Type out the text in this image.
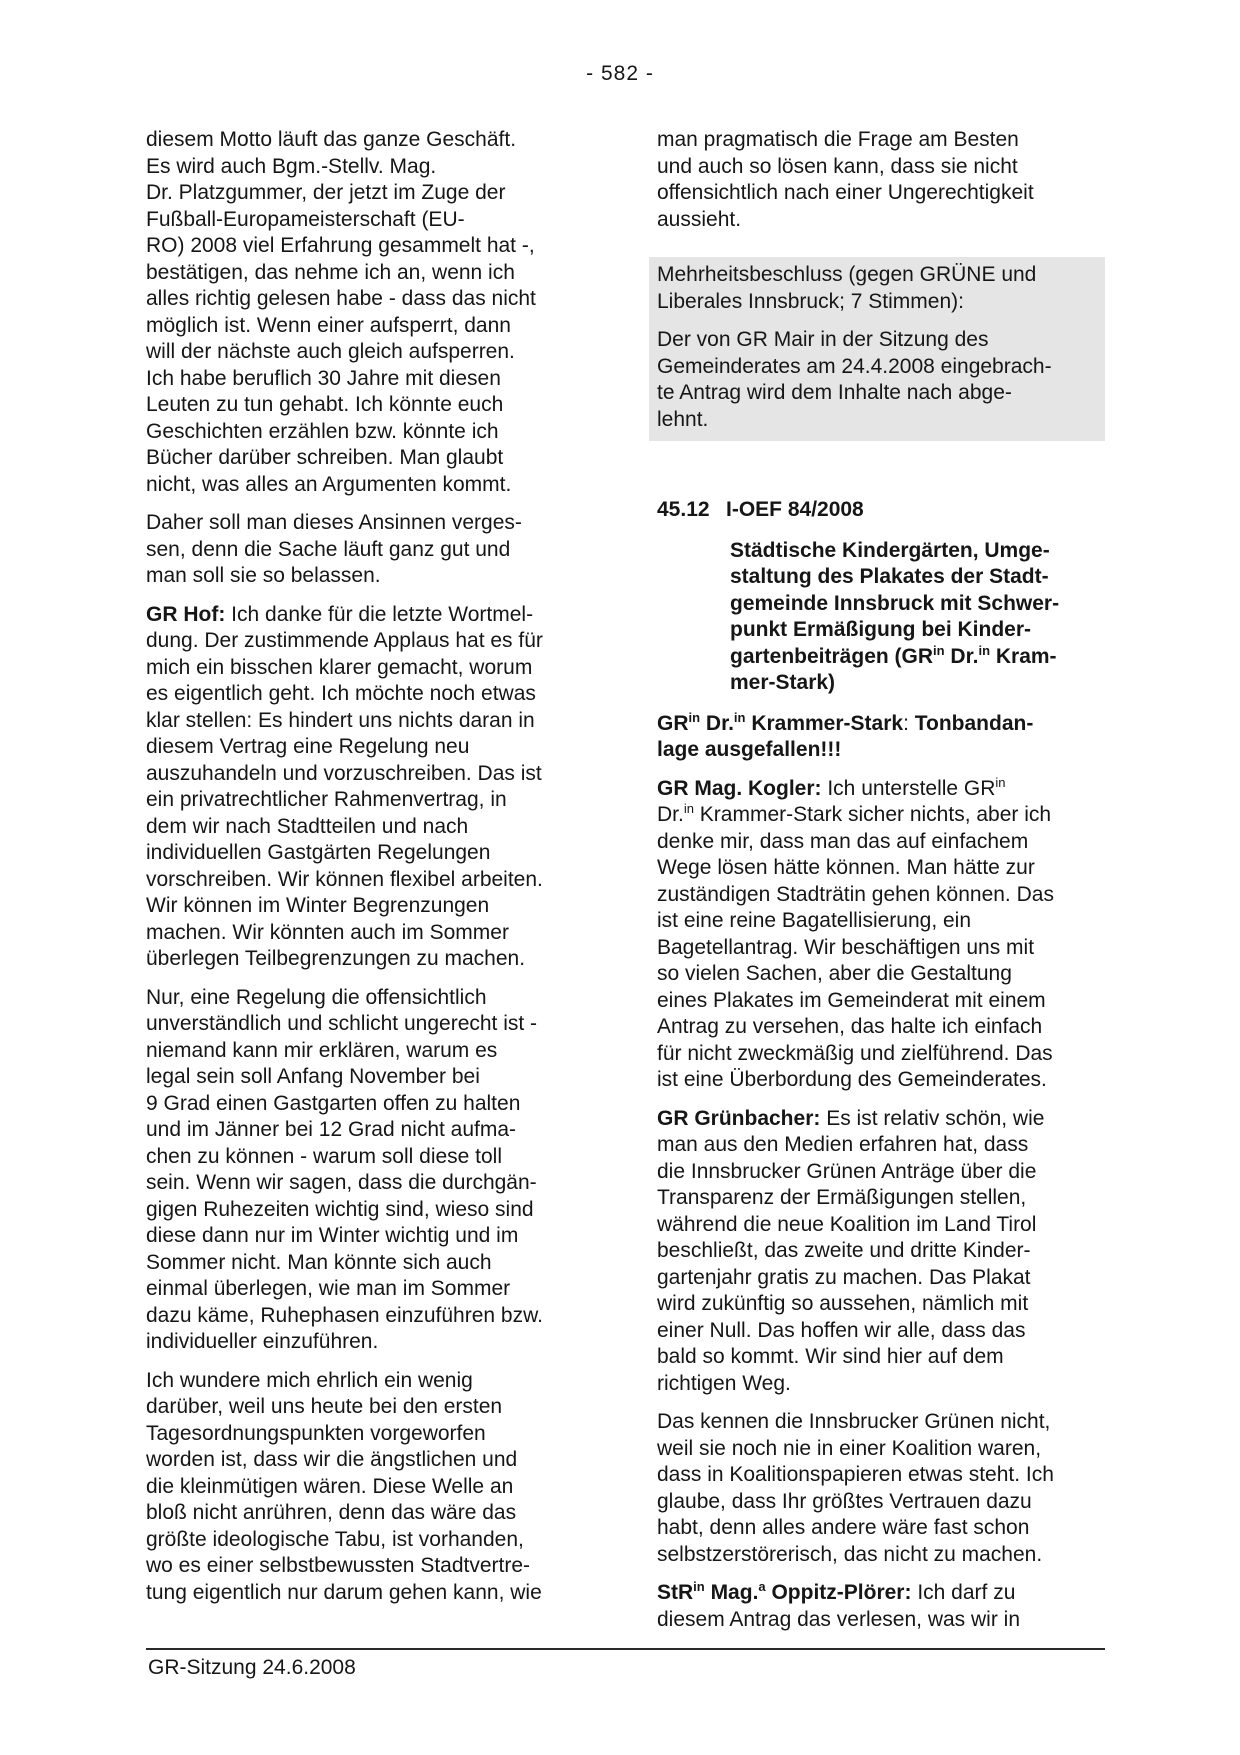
- 582 -
diesem Motto läuft das ganze Geschäft.
Es wird auch Bgm.-Stellv. Mag.
Dr. Platzgummer, der jetzt im Zuge der
Fußball-Europameisterschaft (EU-
RO) 2008 viel Erfahrung gesammelt hat -,
bestätigen, das nehme ich an, wenn ich
alles richtig gelesen habe - dass das nicht
möglich ist. Wenn einer aufsperrt, dann
will der nächste auch gleich aufsperren.
Ich habe beruflich 30 Jahre mit diesen
Leuten zu tun gehabt. Ich könnte euch
Geschichten erzählen bzw. könnte ich
Bücher darüber schreiben. Man glaubt
nicht, was alles an Argumenten kommt.
Daher soll man dieses Ansinnen verges-
sen, denn die Sache läuft ganz gut und
man soll sie so belassen.
GR Hof: Ich danke für die letzte Wortmel-
dung. Der zustimmende Applaus hat es für
mich ein bisschen klarer gemacht, worum
es eigentlich geht. Ich möchte noch etwas
klar stellen: Es hindert uns nichts daran in
diesem Vertrag eine Regelung neu
auszuhandeln und vorzuschreiben. Das ist
ein privatrechtlicher Rahmenvertrag, in
dem wir nach Stadtteilen und nach
individuellen Gastgärten Regelungen
vorschreiben. Wir können flexibel arbeiten.
Wir können im Winter Begrenzungen
machen. Wir könnten auch im Sommer
überlegen Teilbegrenzungen zu machen.
Nur, eine Regelung die offensichtlich
unverständlich und schlicht ungerecht ist -
niemand kann mir erklären, warum es
legal sein soll Anfang November bei
9 Grad einen Gastgarten offen zu halten
und im Jänner bei 12 Grad nicht aufma-
chen zu können - warum soll diese toll
sein. Wenn wir sagen, dass die durchgän-
gigen Ruhezeiten wichtig sind, wieso sind
diese dann nur im Winter wichtig und im
Sommer nicht. Man könnte sich auch
einmal überlegen, wie man im Sommer
dazu käme, Ruhephasen einzuführen bzw.
individueller einzuführen.
Ich wundere mich ehrlich ein wenig
darüber, weil uns heute bei den ersten
Tagesordnungspunkten vorgeworfen
worden ist, dass wir die ängstlichen und
die kleinmütigen wären. Diese Welle an
bloß nicht anrühren, denn das wäre das
größte ideologische Tabu, ist vorhanden,
wo es einer selbstbewussten Stadtvertre-
tung eigentlich nur darum gehen kann, wie
man pragmatisch die Frage am Besten
und auch so lösen kann, dass sie nicht
offensichtlich nach einer Ungerechtigkeit
aussieht.
Mehrheitsbeschluss (gegen GRÜNE und
Liberales Innsbruck; 7 Stimmen):
Der von GR Mair in der Sitzung des
Gemeinderates am 24.4.2008 eingebrach-
te Antrag wird dem Inhalte nach abge-
lehnt.
45.12 I-OEF 84/2008
Städtische Kindergärten, Umge-
staltung des Plakates der Stadt-
gemeinde Innsbruck mit Schwer-
punkt Ermäßigung bei Kinder-
gartenbeiträgen ($GR^{in}$ Dr.$^{in}$ Kram-
mer-Stark)
$GR^{in}$ Dr.$^{in}$ Krammer-Stark: Tonbandan-
lage ausgefallen!!!
GR Mag. Kogler: Ich unterstelle $GR^{in}$
Dr.$^{in}$ Krammer-Stark sicher nichts, aber ich
denke mir, dass man das auf einfachem
Wege lösen hätte können. Man hätte zur
zuständigen Stadträtin gehen können. Das
ist eine reine Bagatellisierung, ein
Bagetellantrag. Wir beschäftigen uns mit
so vielen Sachen, aber die Gestaltung
eines Plakates im Gemeinderat mit einem
Antrag zu versehen, das halte ich einfach
für nicht zweckmäßig und zielführend. Das
ist eine Überbordung des Gemeinderates.
GR Grünbacher: Es ist relativ schön, wie
man aus den Medien erfahren hat, dass
die Innsbrucker Grünen Anträge über die
Transparenz der Ermäßigungen stellen,
während die neue Koalition im Land Tirol
beschließt, das zweite und dritte Kinder-
gartenjahr gratis zu machen. Das Plakat
wird zukünftig so aussehen, nämlich mit
einer Null. Das hoffen wir alle, dass das
bald so kommt. Wir sind hier auf dem
richtigen Weg.
Das kennen die Innsbrucker Grünen nicht,
weil sie noch nie in einer Koalition waren,
dass in Koalitionspapieren etwas steht. Ich
glaube, dass Ihr größtes Vertrauen dazu
habt, denn alles andere wäre fast schon
selbstzerstörerisch, das nicht zu machen.
StR$^{in}$ Mag.$^a$ Oppitz-Plörer: Ich darf zu
diesem Antrag das verlesen, was wir in
GR-Sitzung 24.6.2008
